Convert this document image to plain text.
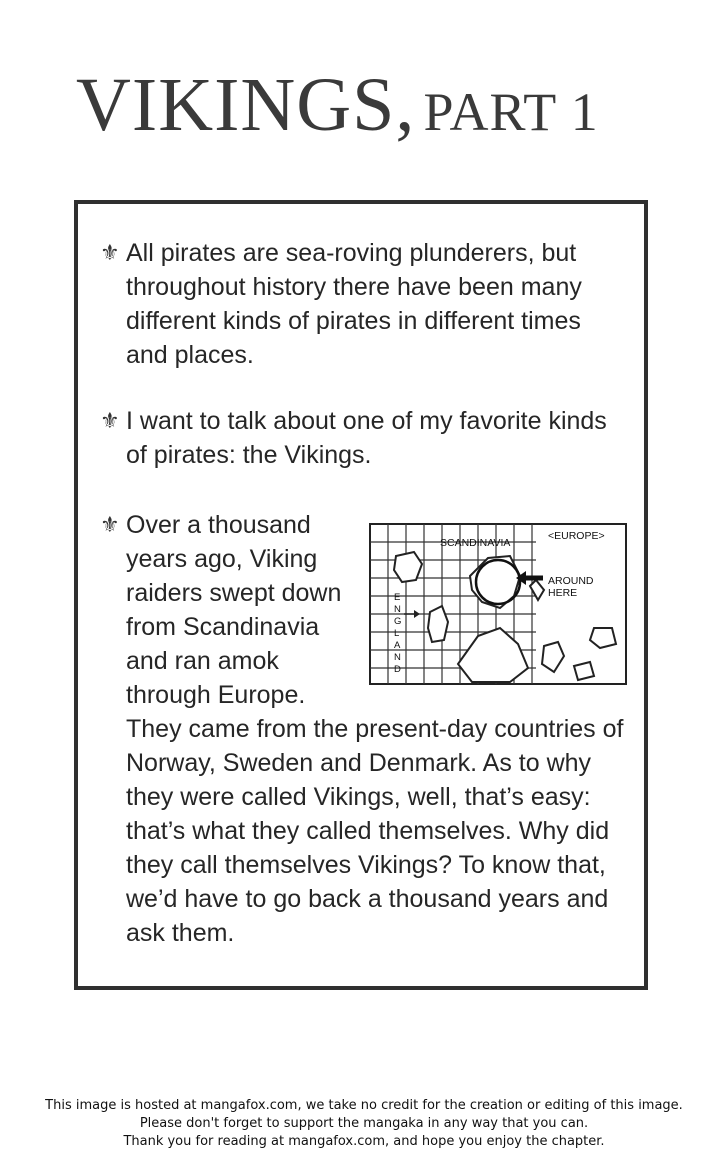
VIKINGS, PART 1
⚜ All pirates are sea-roving plunderers, but throughout history there have been many different kinds of pirates in different times and places.
⚜ I want to talk about one of my favorite kinds of pirates: the Vikings.
⚜ Over a thousand
years ago, Viking
raiders swept down
from Scandinavia
and ran amok
through Europe.
They came from the present-day countries of Norway, Sweden and Denmark. As to why they were called Vikings, well, that’s easy: that’s what they called themselves. Why did they call themselves Vikings? To know that, we’d have to go back a thousand years and ask them.
SCANDINAVIA
<EUROPE>
AROUND
HERE
E
N
G
L
A
N
D
This image is hosted at mangafox.com, we take no credit for the creation or editing of this image.
Please don't forget to support the mangaka in any way that you can.
Thank you for reading at mangafox.com, and hope you enjoy the chapter.
